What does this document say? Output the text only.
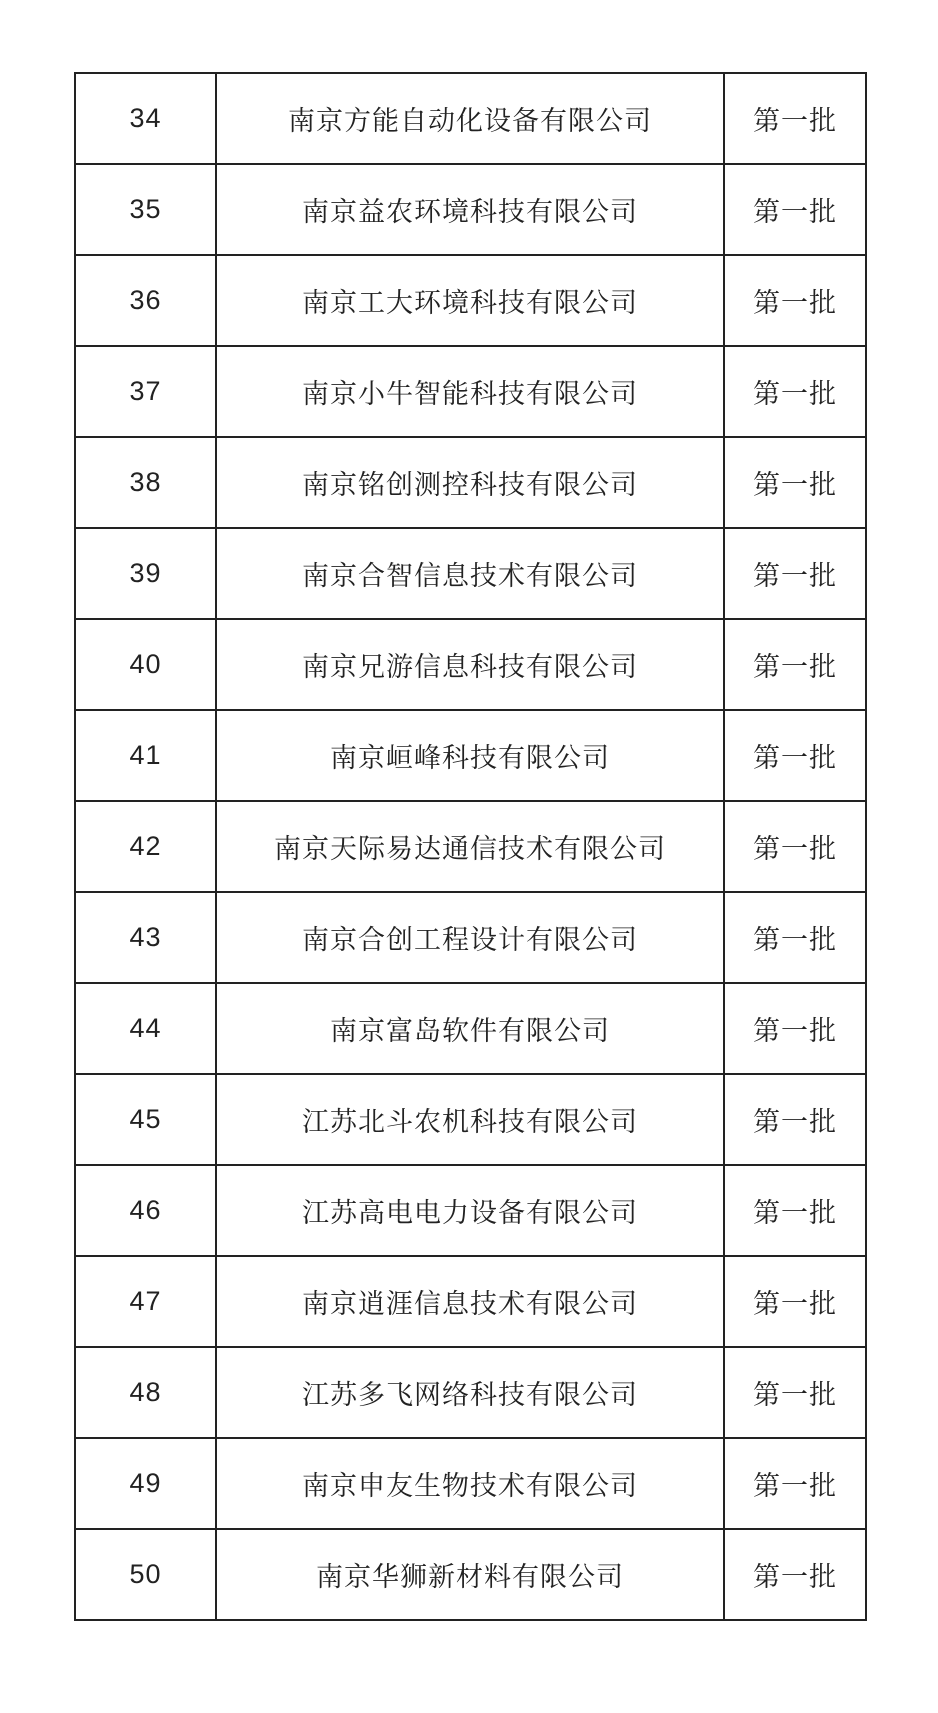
34	南京方能自动化设备有限公司	第一批
35	南京益农环境科技有限公司	第一批
36	南京工大环境科技有限公司	第一批
37	南京小牛智能科技有限公司	第一批
38	南京铭创测控科技有限公司	第一批
39	南京合智信息技术有限公司	第一批
40	南京兄游信息科技有限公司	第一批
41	南京峘峰科技有限公司	第一批
42	南京天际易达通信技术有限公司	第一批
43	南京合创工程设计有限公司	第一批
44	南京富岛软件有限公司	第一批
45	江苏北斗农机科技有限公司	第一批
46	江苏高电电力设备有限公司	第一批
47	南京逍涯信息技术有限公司	第一批
48	江苏多飞网络科技有限公司	第一批
49	南京申友生物技术有限公司	第一批
50	南京华狮新材料有限公司	第一批
